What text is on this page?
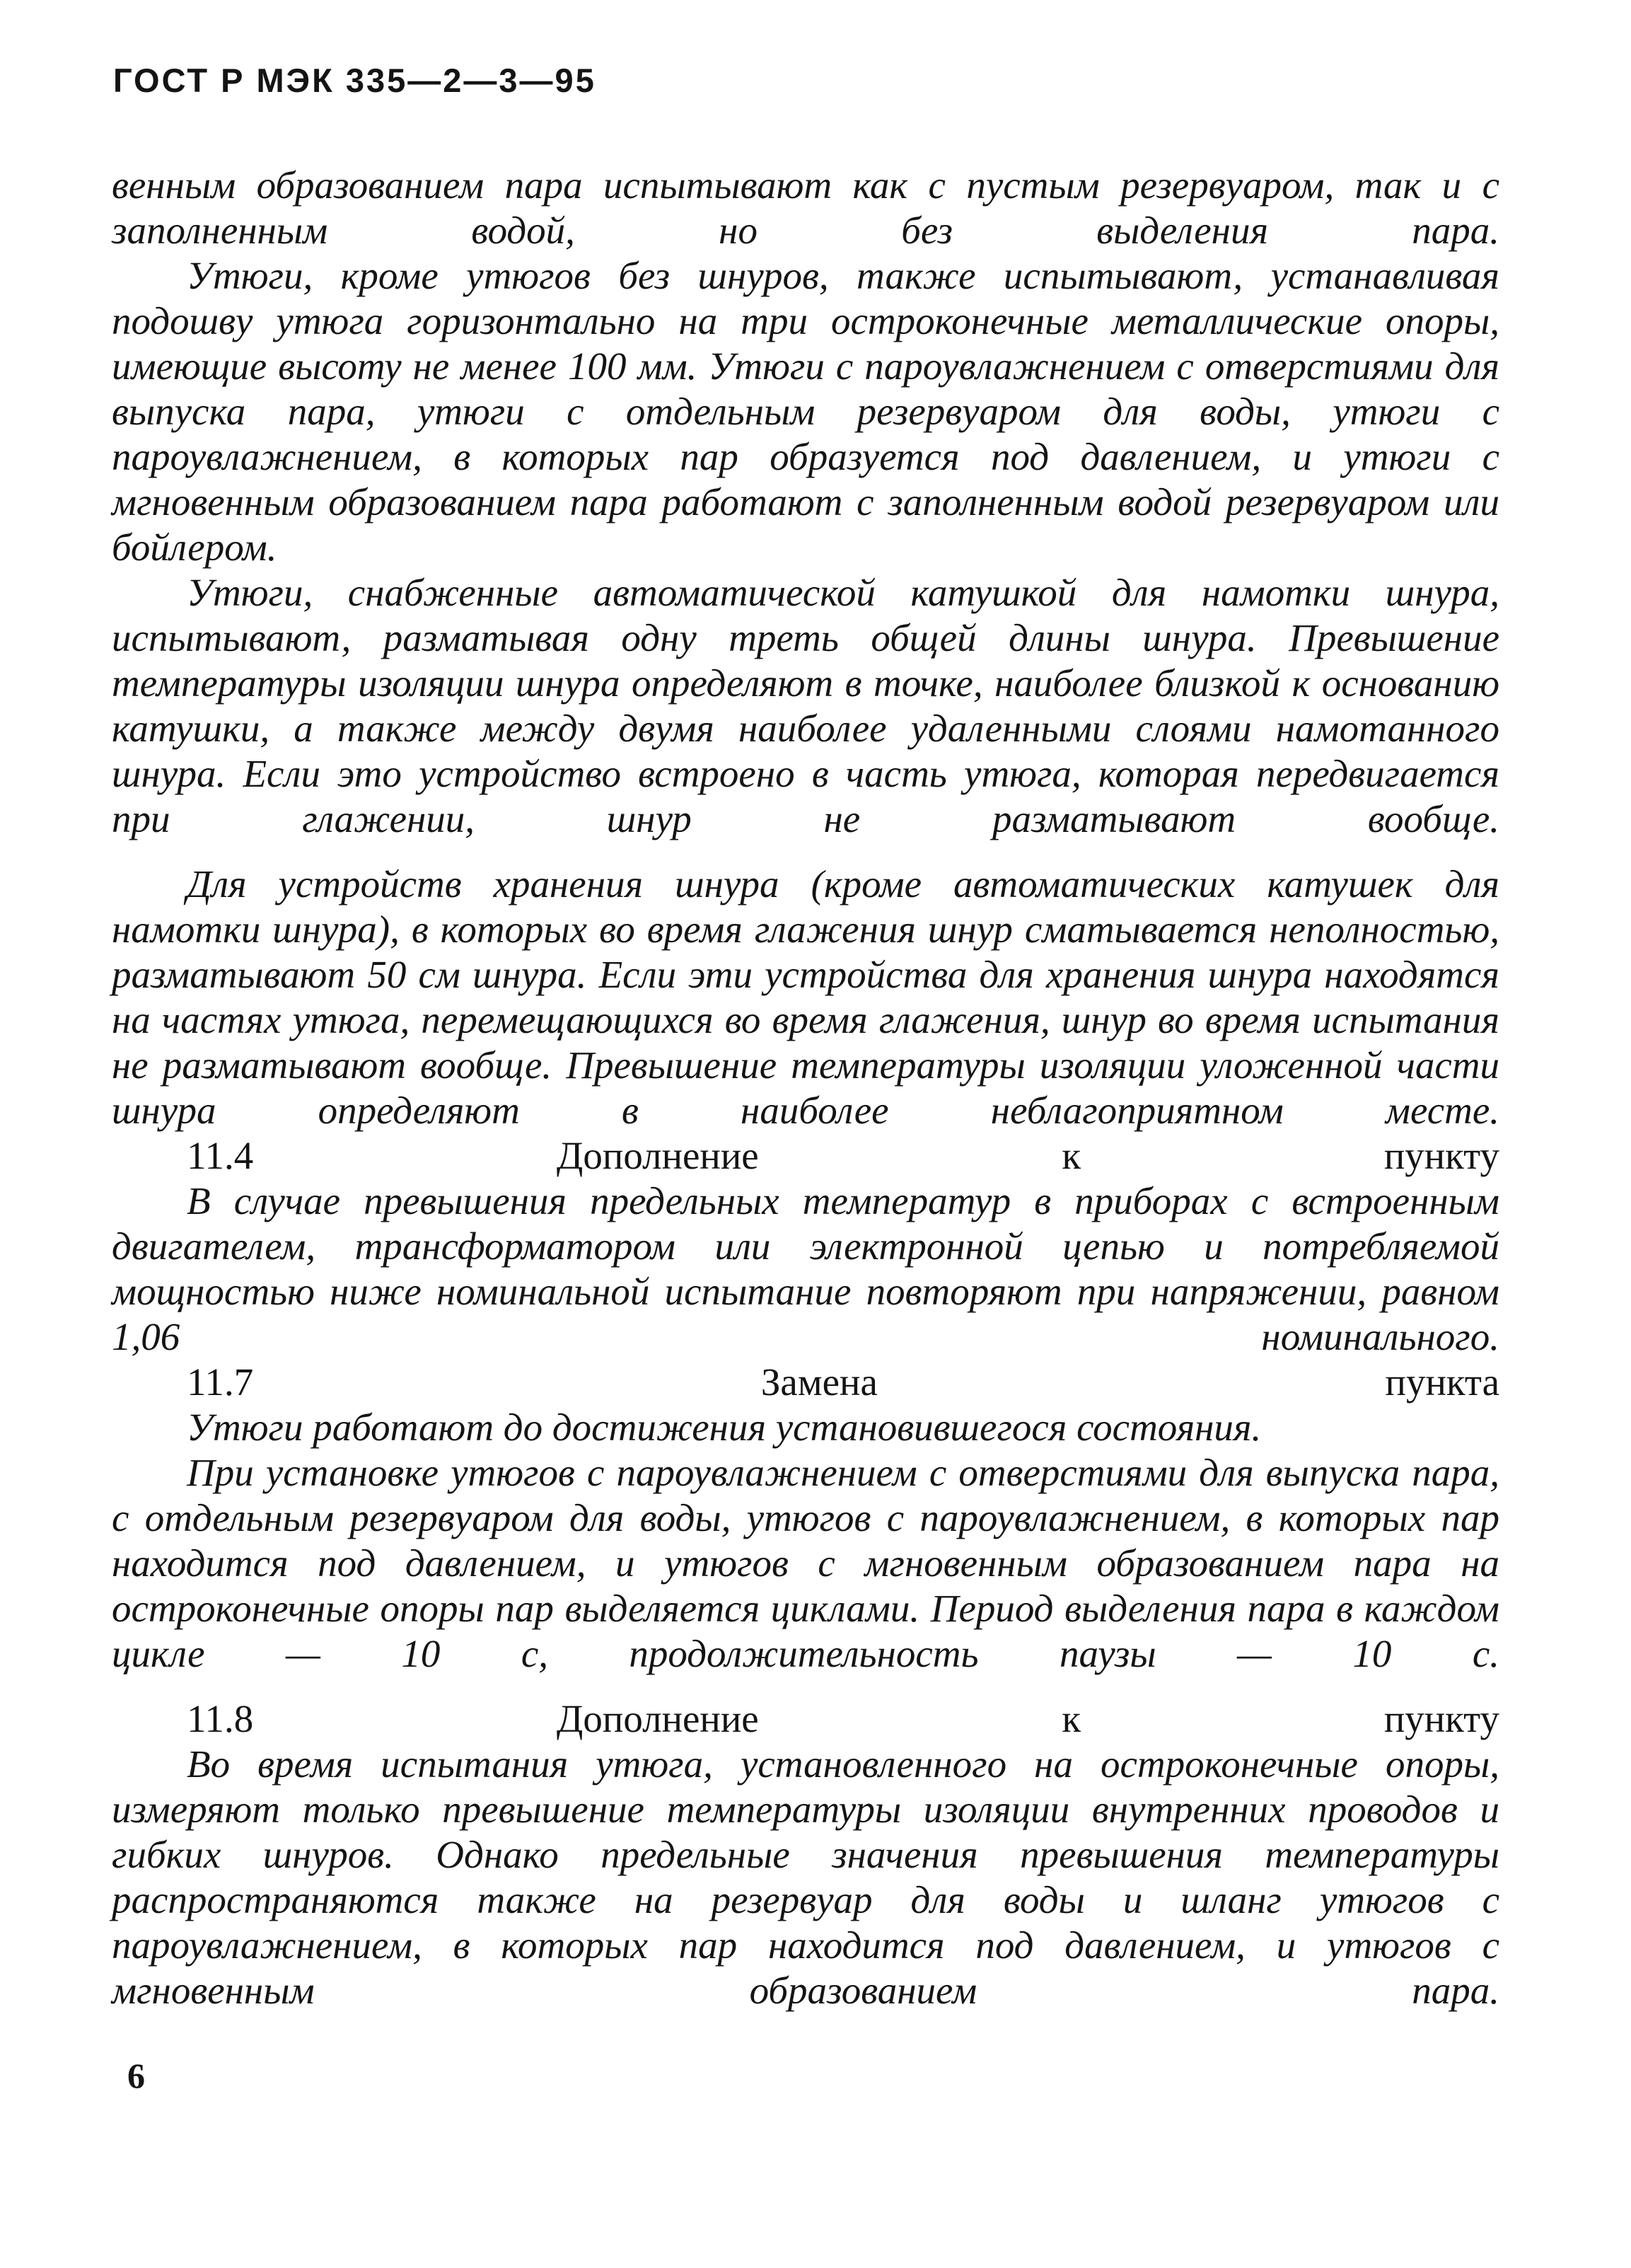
ГОСТ Р МЭК 335—2—3—95

венным образованием пара испытывают как с пустым резервуаром, так и с заполненным водой, но без выделения пара.

Утюги, кроме утюгов без шнуров, также испытывают, устанавливая подошву утюга горизонтально на три остроконечные металлические опоры, имеющие высоту не менее 100 мм. Утюги с пароувлажнением с отверстиями для выпуска пара, утюги с отдельным резервуаром для воды, утюги с пароувлажнением, в которых пар образуется под давлением, и утюги с мгновенным образованием пара работают с заполненным водой резервуаром или бойлером.

Утюги, снабженные автоматической катушкой для намотки шнура, испытывают, разматывая одну треть общей длины шнура. Превышение температуры изоляции шнура определяют в точке, наиболее близкой к основанию катушки, а также между двумя наиболее удаленными слоями намотанного шнура. Если это устройство встроено в часть утюга, которая передвигается при глажении, шнур не разматывают вообще.

Для устройств хранения шнура (кроме автоматических катушек для намотки шнура), в которых во время глажения шнур сматывается неполностью, разматывают 50 см шнура. Если эти устройства для хранения шнура находятся на частях утюга, перемещающихся во время глажения, шнур во время испытания не разматывают вообще. Превышение температуры изоляции уложенной части шнура определяют в наиболее неблагоприятном месте.

11.4 Дополнение к пункту

В случае превышения предельных температур в приборах с встроенным двигателем, трансформатором или электронной цепью и потребляемой мощностью ниже номинальной испытание повторяют при напряжении, равном 1,06 номинального.

11.7 Замена пункта

Утюги работают до достижения установившегося состояния.

При установке утюгов с пароувлажнением с отверстиями для выпуска пара, с отдельным резервуаром для воды, утюгов с пароувлажнением, в которых пар находится под давлением, и утюгов с мгновенным образованием пара на остроконечные опоры пар выделяется циклами. Период выделения пара в каждом цикле — 10 с, продолжительность паузы — 10 с.

11.8 Дополнение к пункту

Во время испытания утюга, установленного на остроконечные опоры, измеряют только превышение температуры изоляции внутренних проводов и гибких шнуров. Однако предельные значения превышения температуры распространяются также на резервуар для воды и шланг утюгов с пароувлажнением, в которых пар находится под давлением, и утюгов с мгновенным образованием пара.

6
